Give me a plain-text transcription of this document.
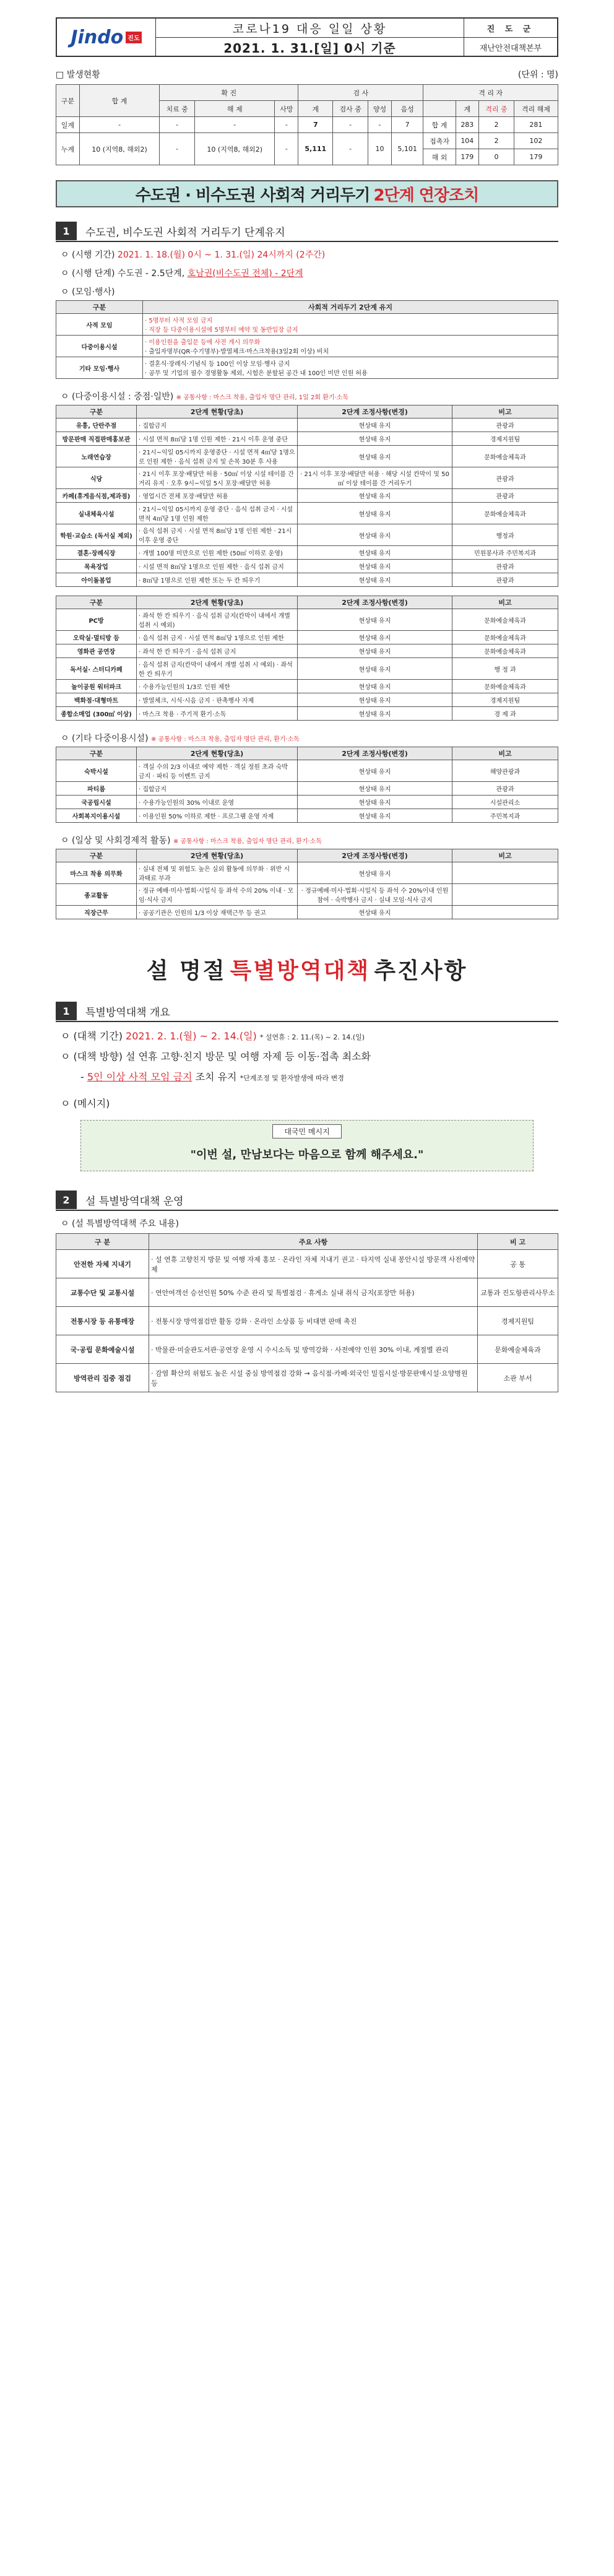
Jindo 진도
코로나19 대응 일일 상황
2021. 1. 31.[일] 0시 기준
진 도 군
재난안전대책본부
□ 발생현황	(단위 : 명)
구분	합 계	확 진			검 사				격 리 자			
		치료 중	해 제	사망	계	검사 중	양성	음성		계	격리 중	격리 해제
일계	-	-	-	-	7	-	-	7	합 계	283	2	281
누계	10 (지역8, 해외2)	-	10 (지역8, 해외2)	-	5,111	-	10	5,101	접촉자	104	2	102
									해 외	179	0	179
수도권 · 비수도권 사회적 거리두기 2단계 연장조치
1	수도권, 비수도권 사회적 거리두기 단계유지
ㅇ (시행 기간) 2021. 1. 18.(월) 0시 ~ 1. 31.(일) 24시까지 (2주간)
ㅇ (시행 단계) 수도권 - 2.5단계, 호남권(비수도권 전체) - 2단계
ㅇ (모임·행사)
구분	사회적 거리두기 2단계 유지
사적 모임	· 5명부터 사적 모임 금지
· 직장 등 다중이용시설에 5명부터 예약 및 동반입장 금지

다중이용시설	· 이용인원을 출입문 등에 사전 게시 의무화
· 출입자명부(QR·수기명부)·발열체크·마스크착용(3일2회 이상) 비치

기타 모임·행사	· 결혼식·장례식·기념식 등 100인 이상 모임·행사 금지
· 공무 및 기업의 필수 경영활동 제외, 시험은 분할된 공간 내 100인 미만 인원 허용
ㅇ (다중이용시설 : 중점·일반) ※ 공통사항 : 마스크 착용, 출입자 명단 관리, 1일 2회 환기·소독
구분	2단계 현황(당초)	2단계 조정사항(변경)	비고
유흥, 단란주점	· 집합금지	현상태 유지	관광과
방문판매 직접판매홍보관	· 시설 면적 8㎡당 1명 인원 제한 · 21시 이후 운영 중단	현상태 유지	경제지원팀
노래연습장	· 21시~익일 05시까지 운영중단 · 시설 면적 4㎡당 1명으로 인원 제한 · 음식 섭취 금지 및 손목 30분 후 사용	현상태 유지	문화예술체육과
식당	· 21시 이후 포장·배달만 허용 · 50㎡ 이상 시설 테이블 간 거리 유지 · 오후 9시~익일 5시 포장·배달만 허용	· 21시 이후 포장·배달만 허용 · 해당 시설 칸막이 및 50㎡ 이상 테이블 간 거리두기	관광과
카페(휴게음식점,제과점)	· 영업시간 전체 포장·배달만 허용	현상태 유지	관광과
실내체육시설	· 21시~익일 05시까지 운영 중단 · 음식 섭취 금지 · 시설 면적 4㎡당 1명 인원 제한	현상태 유지	문화예술체육과
학원·교습소 (독서실 제외)	· 음식 섭취 금지 · 시설 면적 8㎡당 1명 인원 제한 · 21시 이후 운영 중단	현상태 유지	행정과
결혼·장례식장	· 개별 100명 미만으로 인원 제한 (50㎡ 이하로 운영)	현상태 유지	민원봉사과 주민복지과
목욕장업	· 시설 면적 8㎡당 1명으로 인원 제한 · 음식 섭취 금지	현상태 유지	관광과
아이돌봄업	· 8㎡당 1명으로 인원 제한 또는 두 칸 띄우기	현상태 유지	관광과
구분	2단계 현황(당초)	2단계 조정사항(변경)	비고
PC방	· 좌석 한 칸 띄우기 · 음식 섭취 금지(칸막이 내에서 개별 섭취 시 예외)	현상태 유지	문화예술체육과
오락실·멀티방 등	· 음식 섭취 금지 · 시설 면적 8㎡당 1명으로 인원 제한	현상태 유지	문화예술체육과
영화관 공연장	· 좌석 한 칸 띄우기 · 음식 섭취 금지	현상태 유지	문화예술체육과
독서실· 스터디카페	· 음식 섭취 금지(칸막이 내에서 개별 섭취 시 예외) · 좌석 한 칸 띄우기	현상태 유지	행 정 과
놀이공원 워터파크	· 수용가능인원의 1/3로 인원 제한	현상태 유지	문화예술체육과
백화점·대형마트	· 발열체크, 시식·시음 금지 · 판촉행사 자제	현상태 유지	경제지원팀
종합소매업 (300㎡ 이상)	· 마스크 착용 · 주기적 환기·소독	현상태 유지	경 제 과
ㅇ (기타 다중이용시설) ※ 공통사항 : 마스크 착용, 출입자 명단 관리, 환기·소독
구분	2단계 현황(당초)	2단계 조정사항(변경)	비고
숙박시설	· 객실 수의 2/3 이내로 예약 제한 · 객실 정원 초과 숙박 금지 · 파티 등 이벤트 금지	현상태 유지	해양관광과
파티룸	· 집합금지	현상태 유지	관광과
국공립시설	· 수용가능인원의 30% 이내로 운영	현상태 유지	시설관리소
사회복지이용시설	· 이용인원 50% 이하로 제한 · 프로그램 운영 자제	현상태 유지	주민복지과
ㅇ (일상 및 사회경제적 활동) ※ 공통사항 : 마스크 착용, 출입자 명단 관리, 환기·소독
구분	2단계 현황(당초)	2단계 조정사항(변경)	비고
마스크 착용 의무화	· 실내 전체 및 위험도 높은 실외 활동에 의무화 · 위반 시 과태료 부과	현상태 유지	
종교활동	· 정규 예배·미사·법회·시일식 등 좌석 수의 20% 이내 · 모임·식사 금지	· 정규예배·미사·법회·시일식 등 좌석 수 20%이내 인원 참여 · 숙박행사 금지 · 실내 모임·식사 금지	
직장근무	· 공공기관은 인원의 1/3 이상 재택근무 등 권고	현상태 유지	
설 명절 특별방역대책 추진사항
1	특별방역대책 개요
ㅇ (대책 기간) 2021. 2. 1.(월) ~ 2. 14.(일) * 설연휴 : 2. 11.(목) ~ 2. 14.(일)
ㅇ (대책 방향) 설 연휴 고향·친지 방문 및 여행 자제 등 이동·접촉 최소화
- 5인 이상 사적 모임 금지 조치 유지 *단계조정 및 환자발생에 따라 변경
ㅇ (메시지)
대국민 메시지
"이번 설, 만남보다는 마음으로 함께 해주세요."
2	설 특별방역대책 운영
ㅇ (설 특별방역대책 주요 내용)
구 분	주요 사항	비 고
안전한 자체 지내기	· 설 연휴 고향친지 방문 및 여행 자제 홍보 · 온라인 자체 지내기 권고 · 타지역 실내 봉안시설 방문객 사전예약제	공 통
교통수단 및 교통시설	· 연안여객선 승선인원 50% 수준 관리 및 특별점검 · 휴게소 실내 취식 금지(포장만 허용)	교통과 진도항관리사무소
전통시장 등 유통매장	· 전통시장 방역점검반 활동 강화 · 온라인 소상품 등 비대면 판매 촉진	경제지원팀
국·공립 문화예술시설	· 박물관·미술관도서관·공연장 운영 시 수시소독 및 방역강화 · 사전예약 인원 30% 이내, 계절별 관리	문화예술체육과
방역관리 집중 점검	· 감염 확산의 위험도 높은 시설 중심 방역점검 강화 → 음식점·카페·외국인 밀집시설·방문판매시설·요양병원 등	소관 부서
